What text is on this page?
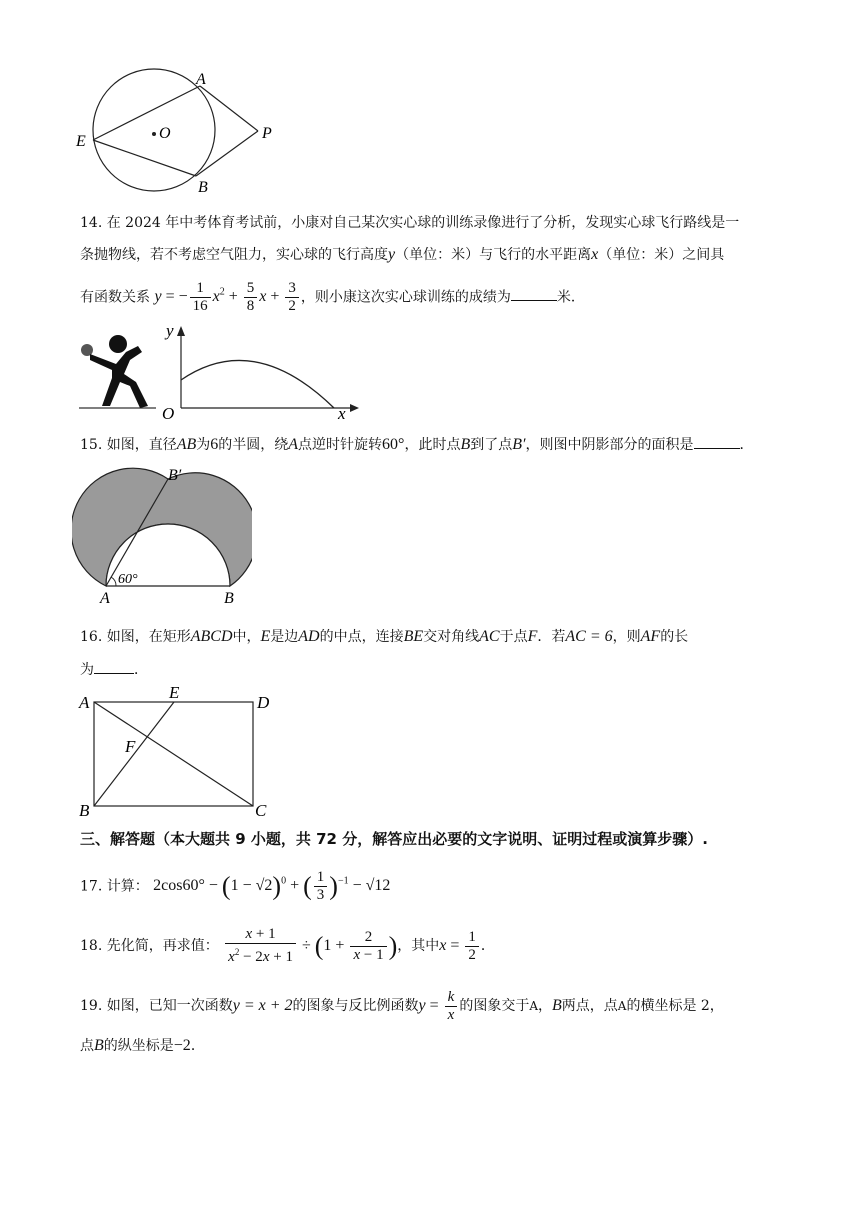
A
B
E	O	P
14. 在 2024 年中考体育考试前，小康对自己某次实心球的训练录像进行了分析，发现实心球飞行路线是一
条抛物线，若不考虑空气阻力，实心球的飞行高度y（单位：米）与飞行的水平距离x（单位：米）之间具
有函数关系 y = − $\frac{1}{16} x^2 + \frac{5}{8}$ $x + \frac{3}{2}$ ，则小康这次实心球训练的成绩为	米．
y
x
O
15. 如图，直径AB为6的半圆，绕A点逆时针旋转60°，此时点B到了点B′，则图中阴影部分的面积是	．
60°
A	B
B′
16. 如图，在矩形ABCD中，E是边AD的中点，连接BE交对角线AC于点F．若AC = 6，则AF的长
为	．
A
E
D
F
B	C
三、解答题（本大题共 9 小题，共 72 分，解答应出必要的文字说明、证明过程或演算步骤）.
17. 计算： $2\cos 60^\circ - (1 - √2)^0$ + ( $\frac{1}{3} )^{-1} - √12$
18. 先化简，再求值： $\frac{x + 1}{x^2 - 2x + 1} \div (1 + \frac{2}{x - 1}$ )，其中$x = \frac{1}{2}$ ．
19. 如图，已知一次函数y = x + 2的图象与反比例函数$y = \frac{k}{x}$ 的图象交于A，B两点，点A的横坐标是 2，
点B的纵坐标是−2．
